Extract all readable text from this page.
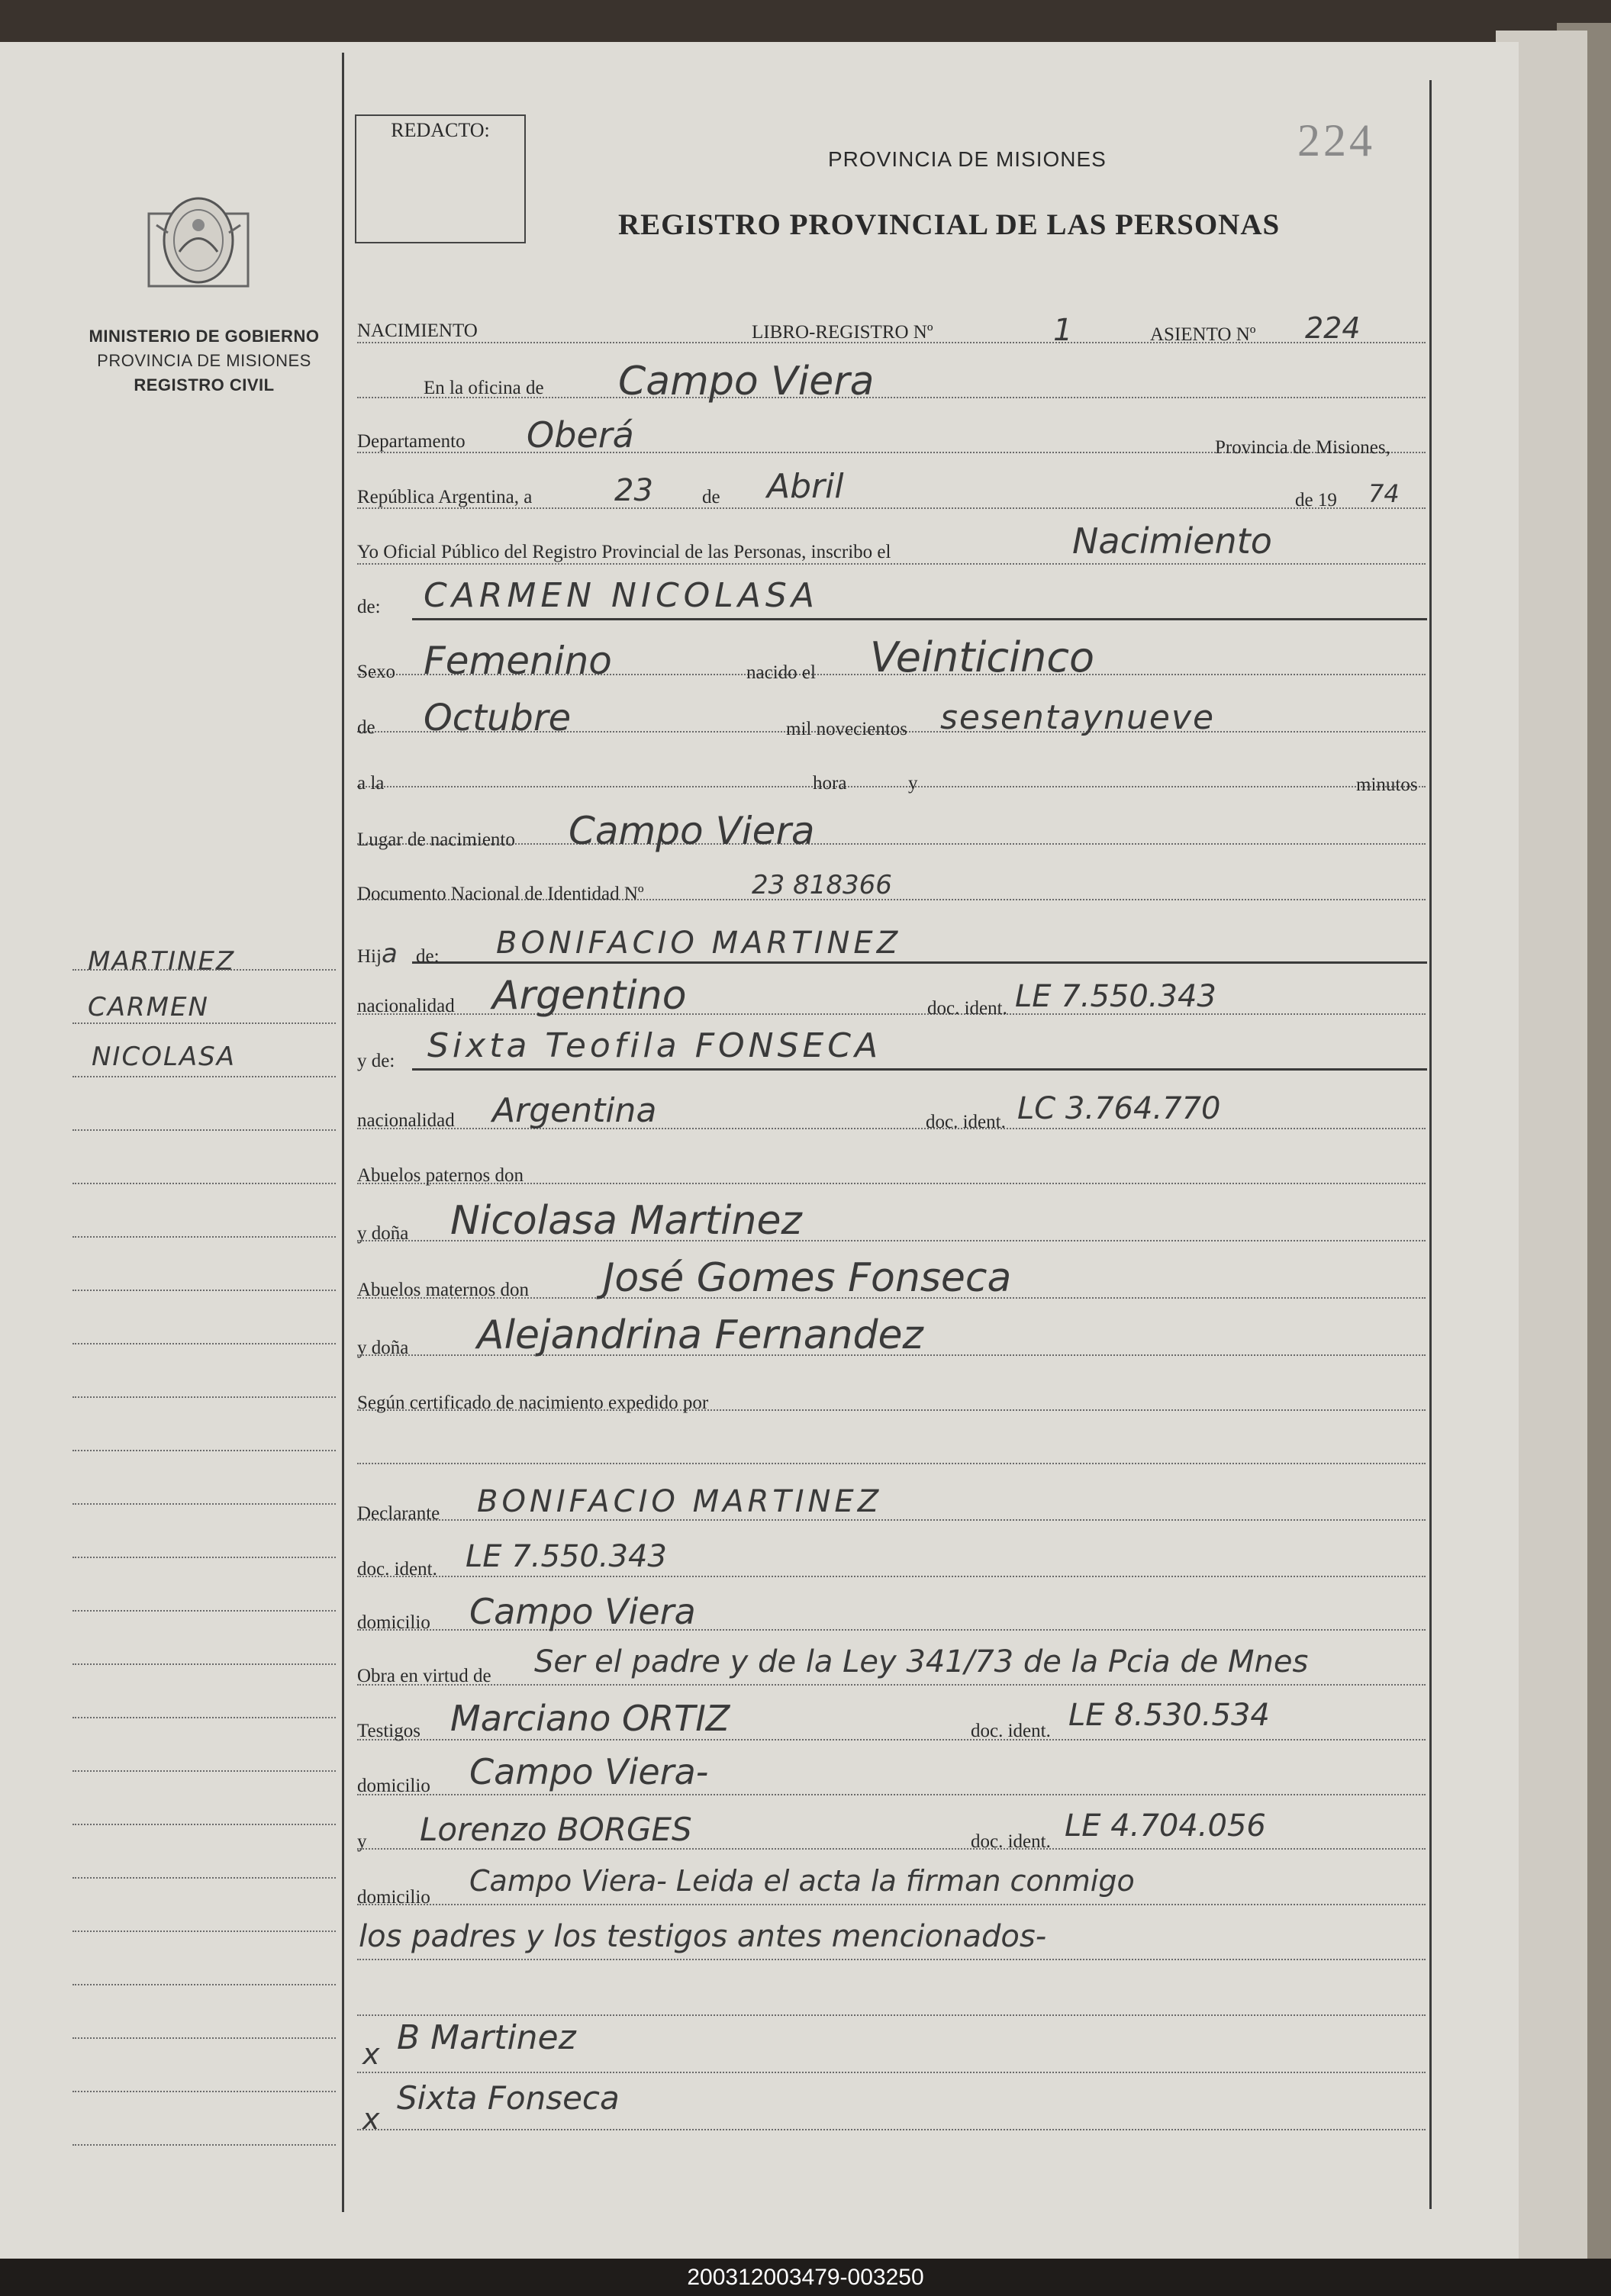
REDACTO:
MINISTERIO DE GOBIERNO
PROVINCIA DE MISIONES
REGISTRO CIVIL
224
PROVINCIA DE MISIONES
REGISTRO PROVINCIAL DE LAS PERSONAS
MARTINEZ
CARMEN
NICOLASA
NACIMIENTO	LIBRO-REGISTRO Nº	1	ASIENTO Nº 224
En la oficina de Campo Viera
Departamento Oberá	Provincia de Misiones,
República Argentina, a	23	de Abril	de 19 74
Yo Oficial Público del Registro Provincial de las Personas, inscribo el	Nacimiento
de: CARMEN NICOLASA
Sexo Femenino	nacido el Veinticinco
de Octubre	mil novecientos sesentaynueve
a la	hora	y	minutos
Lugar de nacimiento Campo Viera
Documento Nacional de Identidad Nº	23 818366
Hija de: BONIFACIO MARTINEZ
nacionalidad Argentino	doc. ident. LE 7.550.343
y de: Sixta Teofila FONSECA
nacionalidad Argentina	doc. ident. LC 3.764.770
Abuelos paternos don
y doña Nicolasa Martinez
Abuelos maternos don José Gomes Fonseca
y doña Alejandrina Fernandez
Según certificado de nacimiento expedido por
Declarante BONIFACIO MARTINEZ
doc. ident. LE 7.550.343
domicilio Campo Viera
Obra en virtud de Ser el padre y de la Ley 341/73 de la Pcia de Mnes
Testigos Marciano ORTIZ	doc. ident. LE 8.530.534
domicilio Campo Viera-
y Lorenzo BORGES	doc. ident. LE 4.704.056
domicilio Campo Viera- Leida el acta la firman conmigo
los padres y los testigos antes mencionados-
x B Martinez
x
Sixta Fonseca
200312003479-003250
